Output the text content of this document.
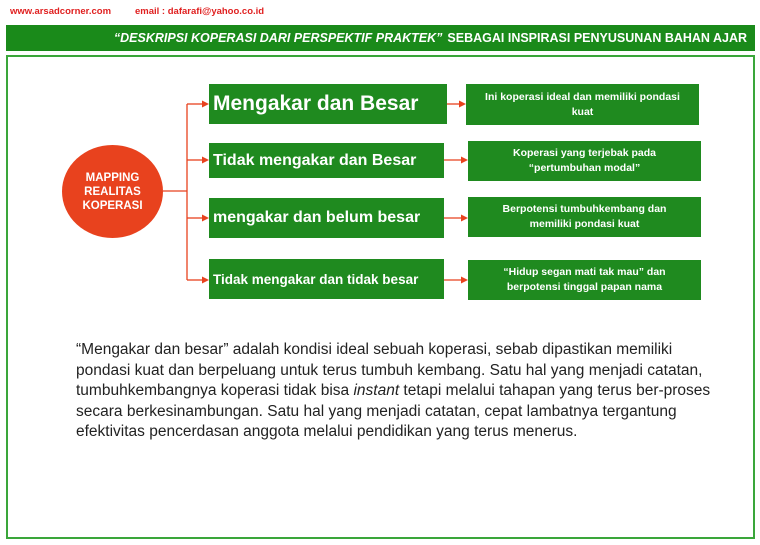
www.arsadcorner.com	email : dafarafi@yahoo.co.id
“DESKRIPSI KOPERASI DARI PERSPEKTIF PRAKTEK” SEBAGAI INSPIRASI PENYUSUNAN BAHAN AJAR
MAPPING
REALITAS
KOPERASI
Mengakar dan Besar
Tidak mengakar dan Besar
mengakar dan belum besar
Tidak mengakar dan tidak besar
Ini koperasi ideal dan memiliki pondasi
kuat
Koperasi yang terjebak pada
“pertumbuhan modal”
Berpotensi tumbuhkembang dan
memiliki pondasi kuat
“Hidup segan mati tak mau” dan
berpotensi tinggal papan nama
“Mengakar dan besar” adalah kondisi ideal sebuah koperasi, sebab dipastikan memiliki pondasi kuat dan berpeluang untuk terus tumbuh kembang. Satu hal yang menjadi catatan, tumbuhkembangnya koperasi tidak bisa instant tetapi melalui tahapan yang terus ber-proses secara berkesinambungan. Satu hal yang menjadi catatan, cepat lambatnya tergantung efektivitas pencerdasan anggota melalui pendidikan yang terus menerus.
